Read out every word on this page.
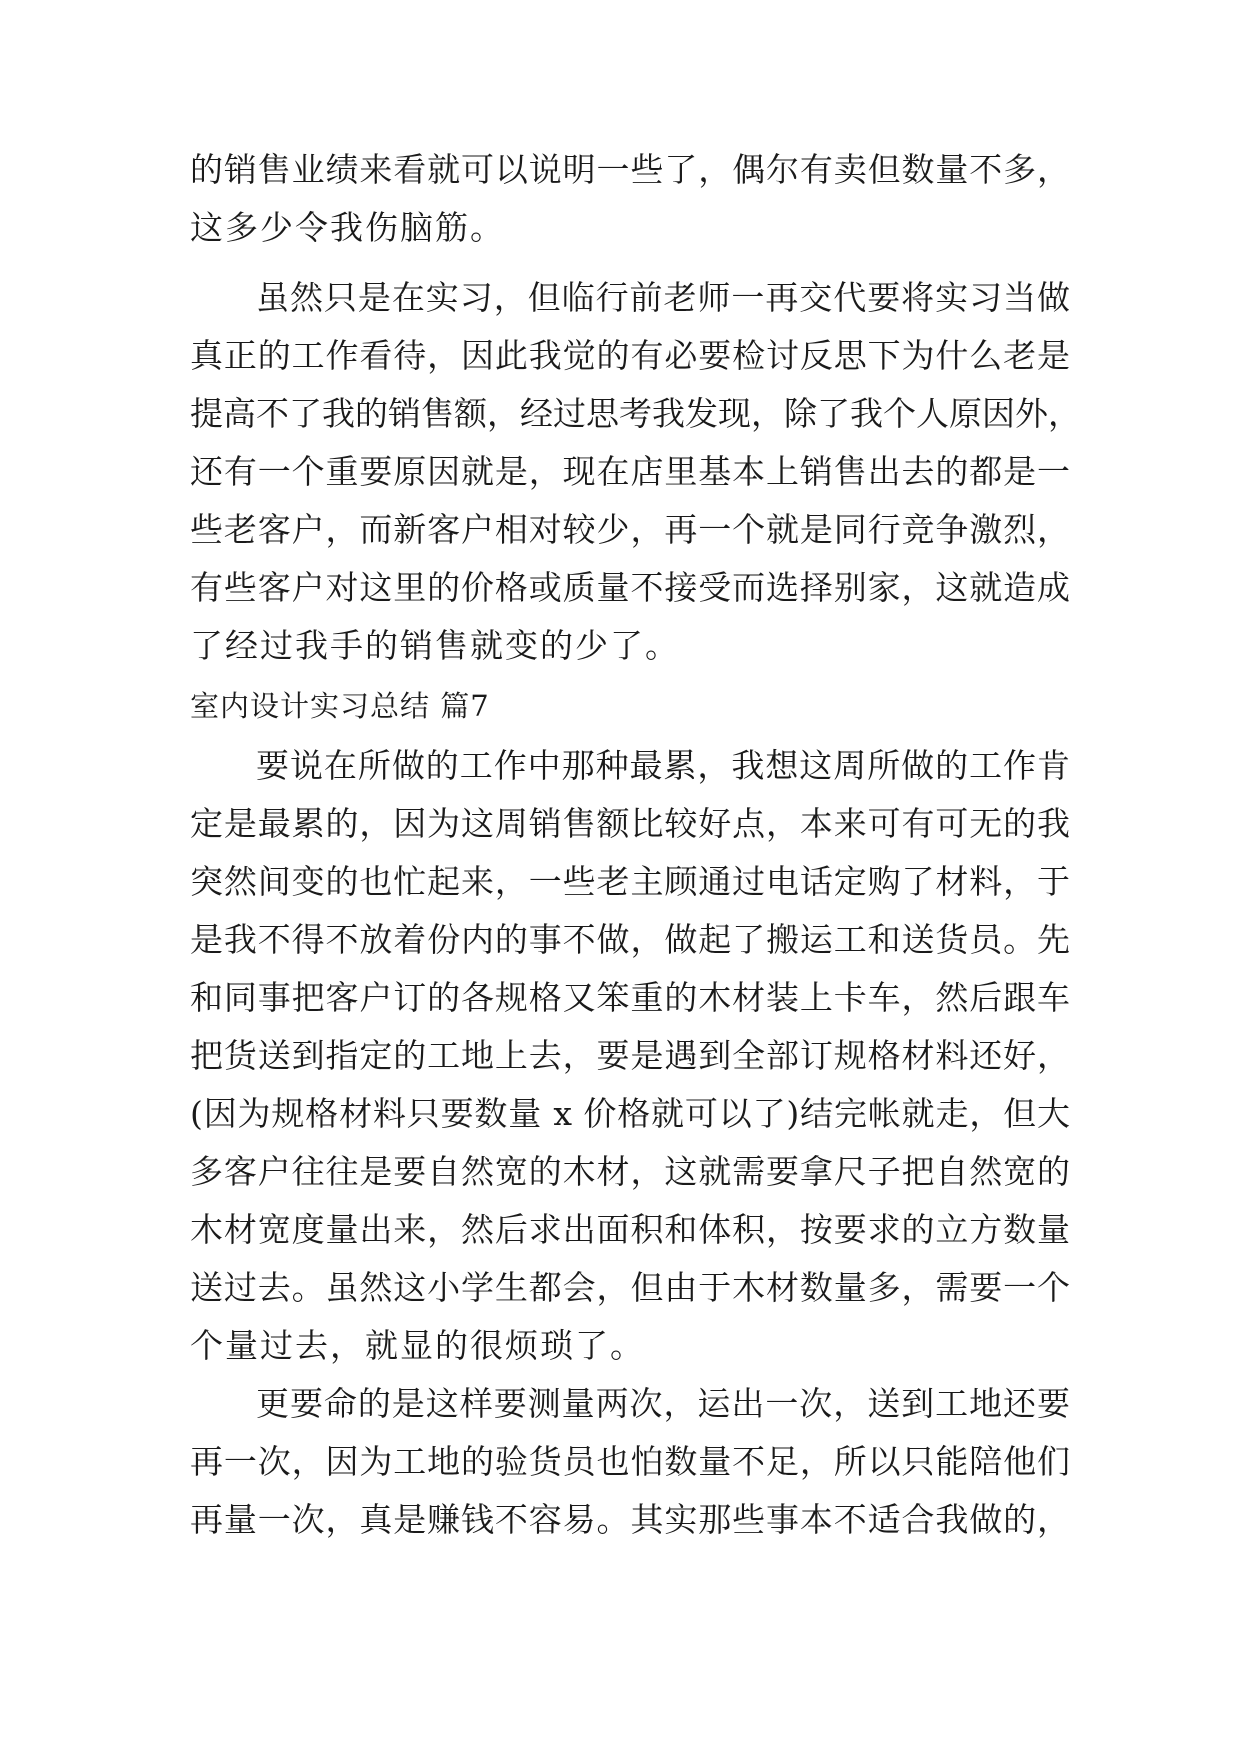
的销售业绩来看就可以说明一些了，偶尔有卖但数量不多，
这多少令我伤脑筋。
虽然只是在实习，但临行前老师一再交代要将实习当做
真正的工作看待，因此我觉的有必要检讨反思下为什么老是
提高不了我的销售额，经过思考我发现，除了我个人原因外，
还有一个重要原因就是，现在店里基本上销售出去的都是一
些老客户，而新客户相对较少，再一个就是同行竞争激烈，
有些客户对这里的价格或质量不接受而选择别家，这就造成
了经过我手的销售就变的少了。
室内设计实习总结 篇7
要说在所做的工作中那种最累，我想这周所做的工作肯
定是最累的，因为这周销售额比较好点，本来可有可无的我
突然间变的也忙起来，一些老主顾通过电话定购了材料，于
是我不得不放着份内的事不做，做起了搬运工和送货员。先
和同事把客户订的各规格又笨重的木材装上卡车，然后跟车
把货送到指定的工地上去，要是遇到全部订规格材料还好，
(因为规格材料只要数量 x 价格就可以了)结完帐就走，但大
多客户往往是要自然宽的木材，这就需要拿尺子把自然宽的
木材宽度量出来，然后求出面积和体积，按要求的立方数量
送过去。虽然这小学生都会，但由于木材数量多，需要一个
个量过去，就显的很烦琐了。
更要命的是这样要测量两次，运出一次，送到工地还要
再一次，因为工地的验货员也怕数量不足，所以只能陪他们
再量一次，真是赚钱不容易。其实那些事本不适合我做的，
